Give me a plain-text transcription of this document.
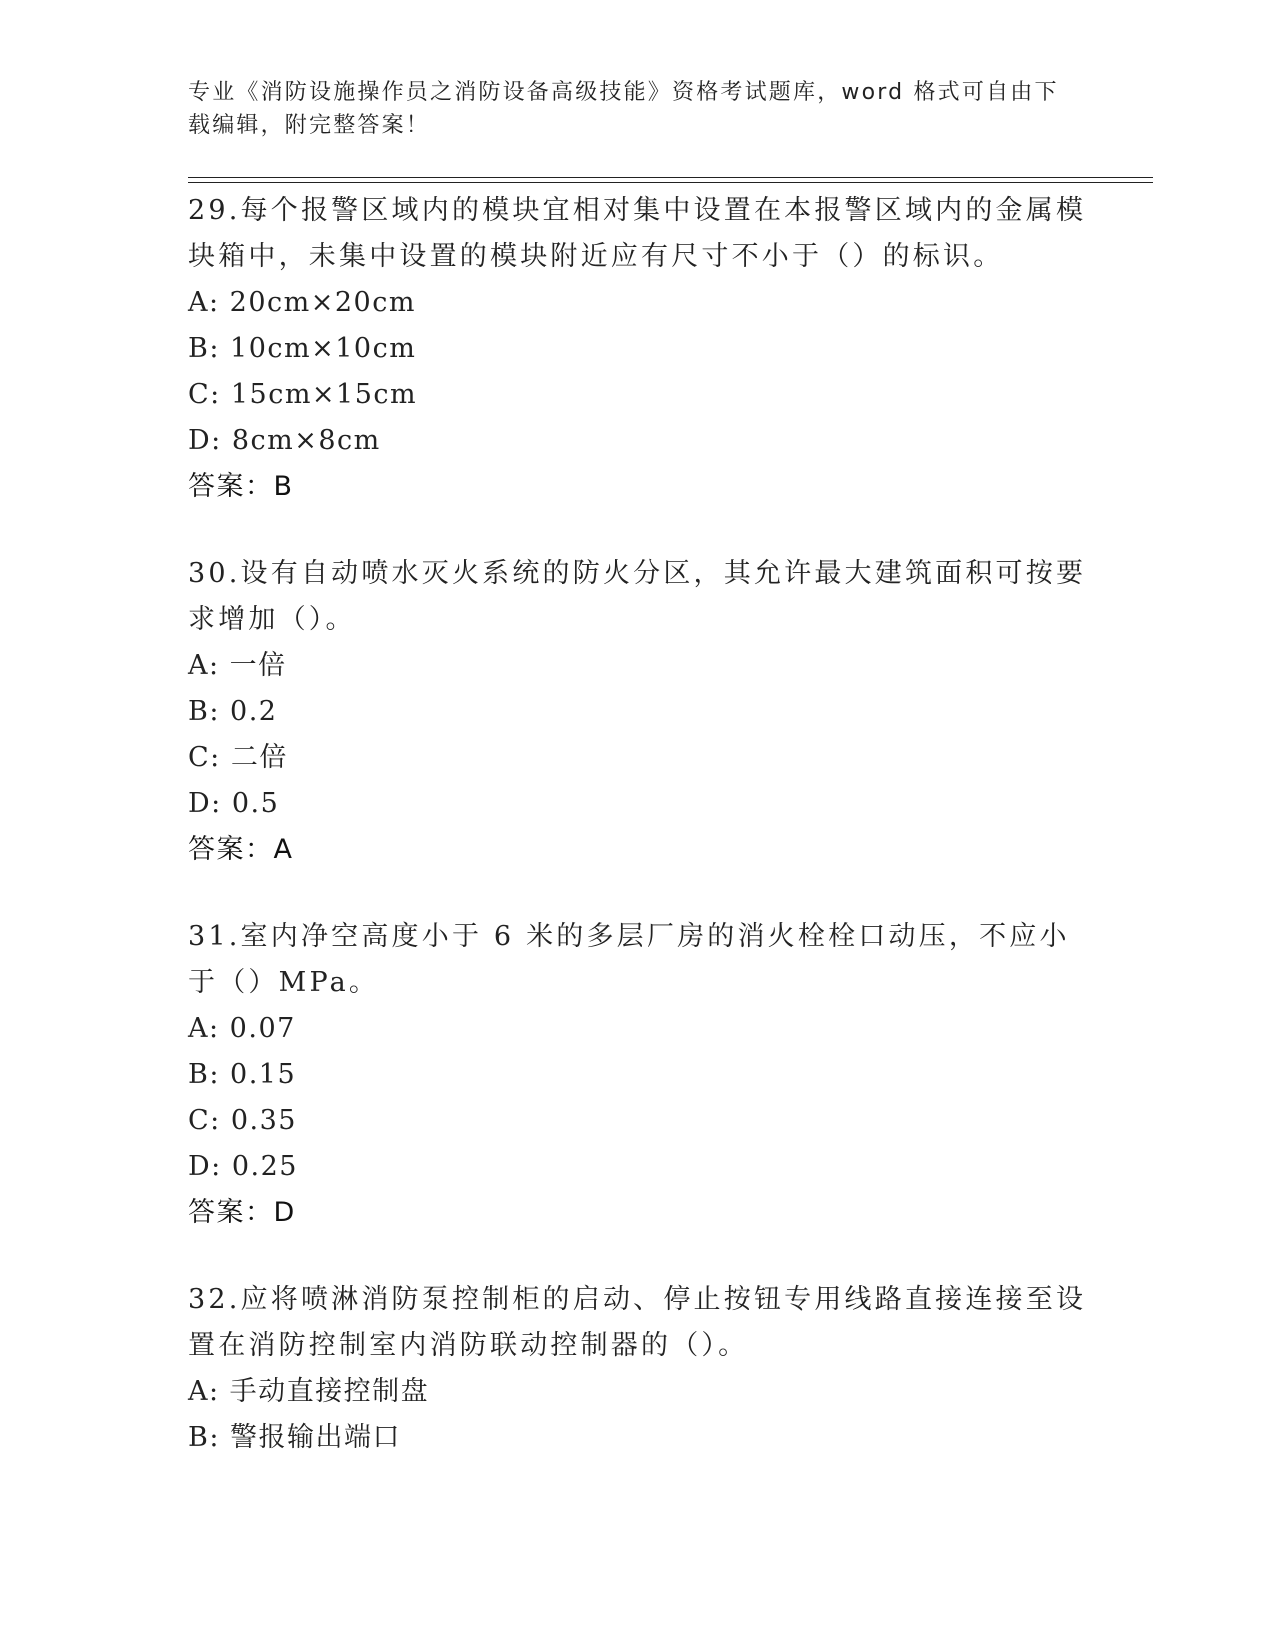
专业《消防设施操作员之消防设备高级技能》资格考试题库，word 格式可自由下载编辑，附完整答案！

29.每个报警区域内的模块宜相对集中设置在本报警区域内的金属模块箱中，未集中设置的模块附近应有尺寸不小于（）的标识。

A: 20cm×20cm

B: 10cm×10cm

C: 15cm×15cm

D: 8cm×8cm

答案：B

30.设有自动喷水灭火系统的防火分区，其允许最大建筑面积可按要求增加（）。

A: 一倍

B: 0.2

C: 二倍

D: 0.5

答案：A

31.室内净空高度小于 6 米的多层厂房的消火栓栓口动压，不应小于（）MPa。

A: 0.07

B: 0.15

C: 0.35

D: 0.25

答案：D

32.应将喷淋消防泵控制柜的启动、停止按钮专用线路直接连接至设置在消防控制室内消防联动控制器的（）。

A: 手动直接控制盘

B: 警报输出端口
